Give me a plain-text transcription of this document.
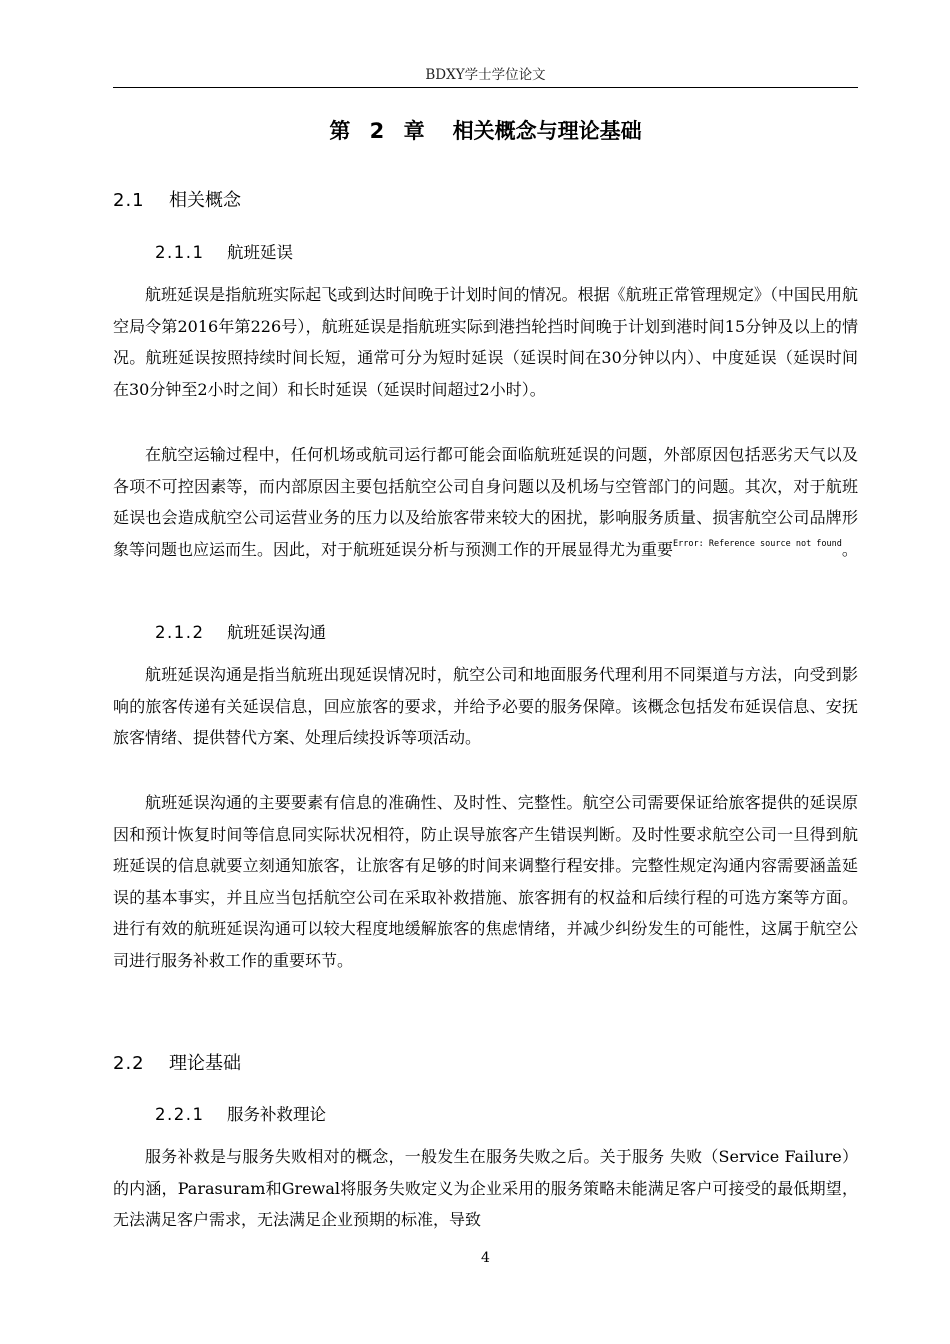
BDXY学士学位论文
第 2 章 相关概念与理论基础
2.1 相关概念
2.1.1 航班延误

航班延误是指航班实际起飞或到达时间晚于计划时间的情况。根据《航班正常管理规定》（中国民用航空局令第2016年第226号），航班延误是指航班实际到港挡轮挡时间晚于计划到港时间15分钟及以上的情况。航班延误按照持续时间长短，通常可分为短时延误（延误时间在30分钟以内）、中度延误（延误时间在30分钟至2小时之间）和长时延误（延误时间超过2小时）。

在航空运输过程中，任何机场或航司运行都可能会面临航班延误的问题，外部原因包括恶劣天气以及各项不可控因素等，而内部原因主要包括航空公司自身问题以及机场与空管部门的问题。其次，对于航班延误也会造成航空公司运营业务的压力以及给旅客带来较大的困扰，影响服务质量、损害航空公司品牌形象等问题也应运而生。因此，对于航班延误分析与预测工作的开展显得尤为重要$^{Error: Reference source not found}$。

2.1.2 航班延误沟通

航班延误沟通是指当航班出现延误情况时，航空公司和地面服务代理利用不同渠道与方法，向受到影响的旅客传递有关延误信息，回应旅客的要求，并给予必要的服务保障。该概念包括发布延误信息、安抚旅客情绪、提供替代方案、处理后续投诉等项活动。

航班延误沟通的主要要素有信息的准确性、及时性、完整性。航空公司需要保证给旅客提供的延误原因和预计恢复时间等信息同实际状况相符，防止误导旅客产生错误判断。及时性要求航空公司一旦得到航班延误的信息就要立刻通知旅客，让旅客有足够的时间来调整行程安排。完整性规定沟通内容需要涵盖延误的基本事实，并且应当包括航空公司在采取补救措施、旅客拥有的权益和后续行程的可选方案等方面。进行有效的航班延误沟通可以较大程度地缓解旅客的焦虑情绪，并减少纠纷发生的可能性，这属于航空公司进行服务补救工作的重要环节。

2.2 理论基础
2.2.1 服务补救理论

服务补救是与服务失败相对的概念，一般发生在服务失败之后。关于服务 失败（Service Failure）的内涵，Parasuram和Grewal将服务失败定义为企业采用的服务策略未能满足客户可接受的最低期望，无法满足客户需求，无法满足企业预期的标准，导致

4
